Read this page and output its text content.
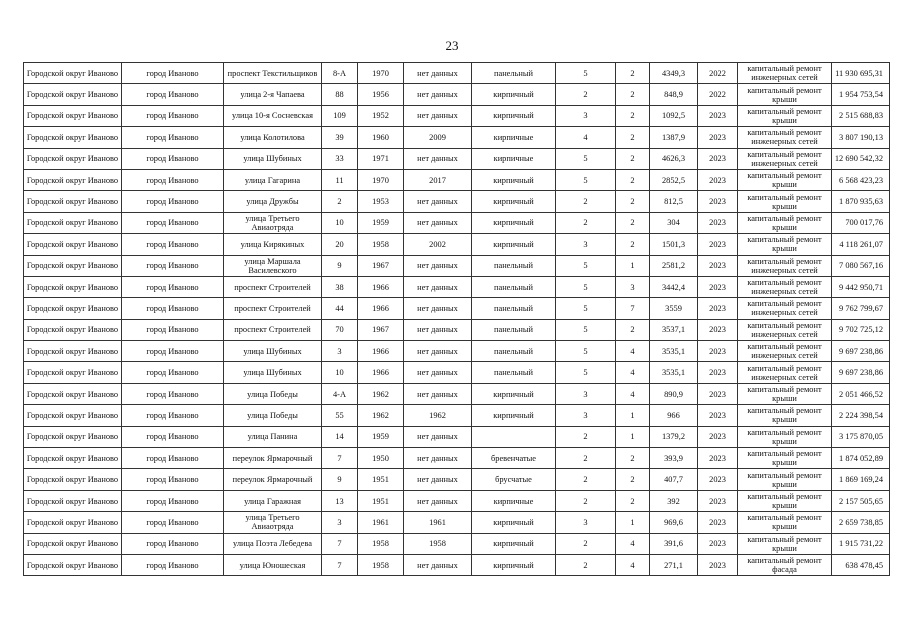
23
Городской округ Иваново	город Иваново	проспект Текстильщиков	8-А	1970	нет данных	панельный	5	2	4349,3	2022	капитальный ремонт инженерных сетей	11 930 695,31
Городской округ Иваново	город Иваново	улица 2-я Чапаева	88	1956	нет данных	кирпичный	2	2	848,9	2022	капитальный ремонт крыши	1 954 753,54
Городской округ Иваново	город Иваново	улица 10-я Сосневская	109	1952	нет данных	кирпичный	3	2	1092,5	2023	капитальный ремонт крыши	2 515 688,83
Городской округ Иваново	город Иваново	улица Колотилова	39	1960	2009	кирпичные	4	2	1387,9	2023	капитальный ремонт инженерных сетей	3 807 190,13
Городской округ Иваново	город Иваново	улица Шубиных	33	1971	нет данных	кирпичные	5	2	4626,3	2023	капитальный ремонт инженерных сетей	12 690 542,32
Городской округ Иваново	город Иваново	улица Гагарина	11	1970	2017	кирпичный	5	2	2852,5	2023	капитальный ремонт крыши	6 568 423,23
Городской округ Иваново	город Иваново	улица Дружбы	2	1953	нет данных	кирпичный	2	2	812,5	2023	капитальный ремонт крыши	1 870 935,63
Городской округ Иваново	город Иваново	улица Третьего Авиаотряда	10	1959	нет данных	кирпичный	2	2	304	2023	капитальный ремонт крыши	700 017,76
Городской округ Иваново	город Иваново	улица Кирякиных	20	1958	2002	кирпичный	3	2	1501,3	2023	капитальный ремонт крыши	4 118 261,07
Городской округ Иваново	город Иваново	улица Маршала Василевского	9	1967	нет данных	панельный	5	1	2581,2	2023	капитальный ремонт инженерных сетей	7 080 567,16
Городской округ Иваново	город Иваново	проспект Строителей	38	1966	нет данных	панельный	5	3	3442,4	2023	капитальный ремонт инженерных сетей	9 442 950,71
Городской округ Иваново	город Иваново	проспект Строителей	44	1966	нет данных	панельный	5	7	3559	2023	капитальный ремонт инженерных сетей	9 762 799,67
Городской округ Иваново	город Иваново	проспект Строителей	70	1967	нет данных	панельный	5	2	3537,1	2023	капитальный ремонт инженерных сетей	9 702 725,12
Городской округ Иваново	город Иваново	улица Шубиных	3	1966	нет данных	панельный	5	4	3535,1	2023	капитальный ремонт инженерных сетей	9 697 238,86
Городской округ Иваново	город Иваново	улица Шубиных	10	1966	нет данных	панельный	5	4	3535,1	2023	капитальный ремонт инженерных сетей	9 697 238,86
Городской округ Иваново	город Иваново	улица Победы	4-А	1962	нет данных	кирпичный	3	4	890,9	2023	капитальный ремонт крыши	2 051 466,52
Городской округ Иваново	город Иваново	улица Победы	55	1962	1962	кирпичный	3	1	966	2023	капитальный ремонт крыши	2 224 398,54
Городской округ Иваново	город Иваново	улица Панина	14	1959	нет данных		2	1	1379,2	2023	капитальный ремонт крыши	3 175 870,05
Городской округ Иваново	город Иваново	переулок Ярмарочный	7	1950	нет данных	бревенчатые	2	2	393,9	2023	капитальный ремонт крыши	1 874 052,89
Городской округ Иваново	город Иваново	переулок Ярмарочный	9	1951	нет данных	брусчатые	2	2	407,7	2023	капитальный ремонт крыши	1 869 169,24
Городской округ Иваново	город Иваново	улица Гаражная	13	1951	нет данных	кирпичные	2	2	392	2023	капитальный ремонт крыши	2 157 505,65
Городской округ Иваново	город Иваново	улица Третьего Авиаотряда	3	1961	1961	кирпичный	3	1	969,6	2023	капитальный ремонт крыши	2 659 738,85
Городской округ Иваново	город Иваново	улица Поэта Лебедева	7	1958	1958	кирпичный	2	4	391,6	2023	капитальный ремонт крыши	1 915 731,22
Городской округ Иваново	город Иваново	улица Юношеская	7	1958	нет данных	кирпичный	2	4	271,1	2023	капитальный ремонт фасада	638 478,45
